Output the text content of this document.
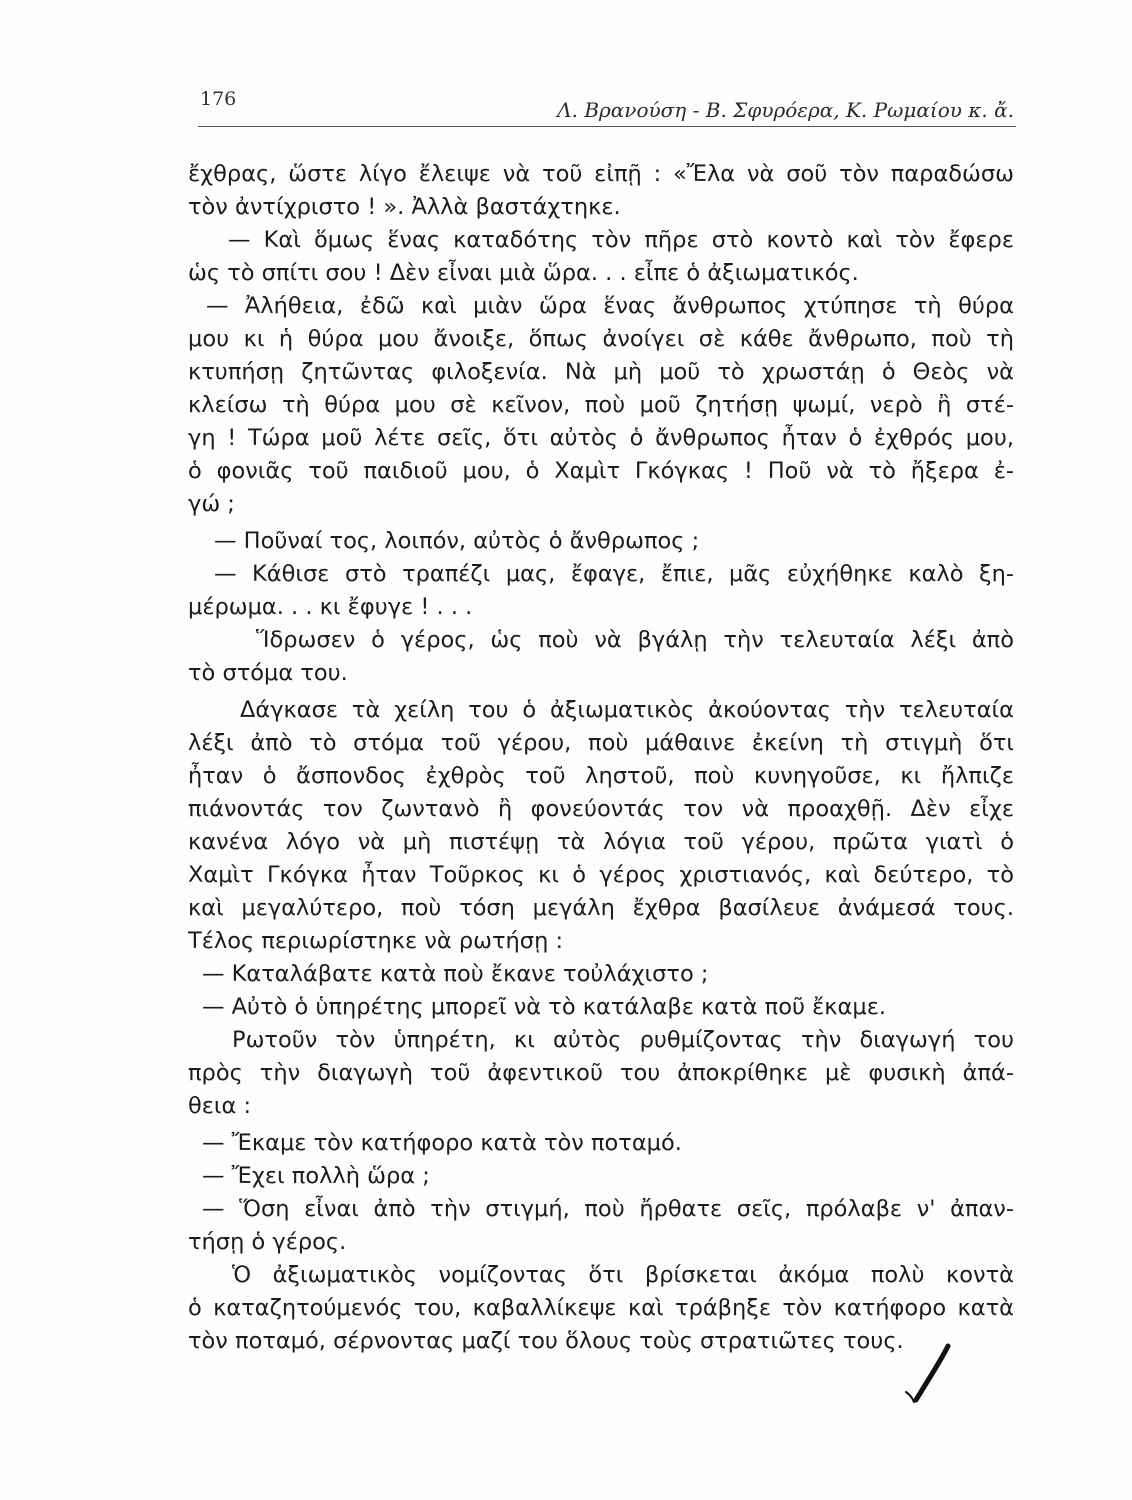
176	Λ. Βρανούση - Β. Σφυρόερα, Κ. Ρωμαίου κ. ἄ.
ἔχθρας, ὥστε λίγο ἔλειψε νὰ τοῦ εἰπῇ : «Ἔλα νὰ σοῦ τὸν παραδώσω
τὸν ἀντίχριστο ! ». Ἀλλὰ βαστάχτηκε.
— Καὶ ὅμως ἕνας καταδότης τὸν πῆρε στὸ κοντὸ καὶ τὸν ἔφερε
ὡς τὸ σπίτι σου ! Δὲν εἶναι μιὰ ὥρα. . . εἶπε ὁ ἀξιωματικός.
— Ἀλήθεια, ἐδῶ καὶ μιὰν ὥρα ἕνας ἄνθρωπος χτύπησε τὴ θύρα
μου κι ἡ θύρα μου ἄνοιξε, ὅπως ἀνοίγει σὲ κάθε ἄνθρωπο, ποὺ τὴ
κτυπήσῃ ζητῶντας φιλοξενία. Νὰ μὴ μοῦ τὸ χρωστάῃ ὁ Θεὸς νὰ
κλείσω τὴ θύρα μου σὲ κεῖνον, ποὺ μοῦ ζητήσῃ ψωμί, νερὸ ἢ στέ-
γη ! Τώρα μοῦ λέτε σεῖς, ὅτι αὐτὸς ὁ ἄνθρωπος ἦταν ὁ ἐχθρός μου,
ὁ φονιᾶς τοῦ παιδιοῦ μου, ὁ Χαμὶτ Γκόγκας ! Ποῦ νὰ τὸ ἤξερα ἐ-
γώ ;
— Ποῦναί τος, λοιπόν, αὐτὸς ὁ ἄνθρωπος ;
— Κάθισε στὸ τραπέζι μας, ἔφαγε, ἔπιε, μᾶς εὐχήθηκε καλὸ ξη-
μέρωμα. . . κι ἔφυγε ! . . .
Ἵδρωσεν ὁ γέρος, ὡς ποὺ νὰ βγάλῃ τὴν τελευταία λέξι ἀπὸ
τὸ στόμα του.
Δάγκασε τὰ χείλη του ὁ ἀξιωματικὸς ἀκούοντας τὴν τελευταία
λέξι ἀπὸ τὸ στόμα τοῦ γέρου, ποὺ μάθαινε ἐκείνη τὴ στιγμὴ ὅτι
ἦταν ὁ ἄσπονδος ἐχθρὸς τοῦ ληστοῦ, ποὺ κυνηγοῦσε, κι ἤλπιζε
πιάνοντάς τον ζωντανὸ ἢ φονεύοντάς τον νὰ προαχθῇ. Δὲν εἶχε
κανένα λόγο νὰ μὴ πιστέψῃ τὰ λόγια τοῦ γέρου, πρῶτα γιατὶ ὁ
Χαμὶτ Γκόγκα ἦταν Τοῦρκος κι ὁ γέρος χριστιανός, καὶ δεύτερο, τὸ
καὶ μεγαλύτερο, ποὺ τόση μεγάλη ἔχθρα βασίλευε ἀνάμεσά τους.
Τέλος περιωρίστηκε νὰ ρωτήσῃ :
— Καταλάβατε κατὰ ποὺ ἔκανε τοὐλάχιστο ;
— Αὐτὸ ὁ ὑπηρέτης μπορεῖ νὰ τὸ κατάλαβε κατὰ ποῦ ἔκαμε.
Ρωτοῦν τὸν ὑπηρέτη, κι αὐτὸς ρυθμίζοντας τὴν διαγωγή του
πρὸς τὴν διαγωγὴ τοῦ ἀφεντικοῦ του ἀποκρίθηκε μὲ φυσικὴ ἀπά-
θεια :
— Ἔκαμε τὸν κατήφορο κατὰ τὸν ποταμό.
— Ἔχει πολλὴ ὥρα ;
— Ὅση εἶναι ἀπὸ τὴν στιγμή, ποὺ ἤρθατε σεῖς, πρόλαβε ν' ἀπαν-
τήσῃ ὁ γέρος.
Ὁ ἀξιωματικὸς νομίζοντας ὅτι βρίσκεται ἀκόμα πολὺ κοντὰ
ὁ καταζητούμενός του, καβαλλίκεψε καὶ τράβηξε τὸν κατήφορο κατὰ
τὸν ποταμό, σέρνοντας μαζί του ὅλους τοὺς στρατιῶτες τους.
